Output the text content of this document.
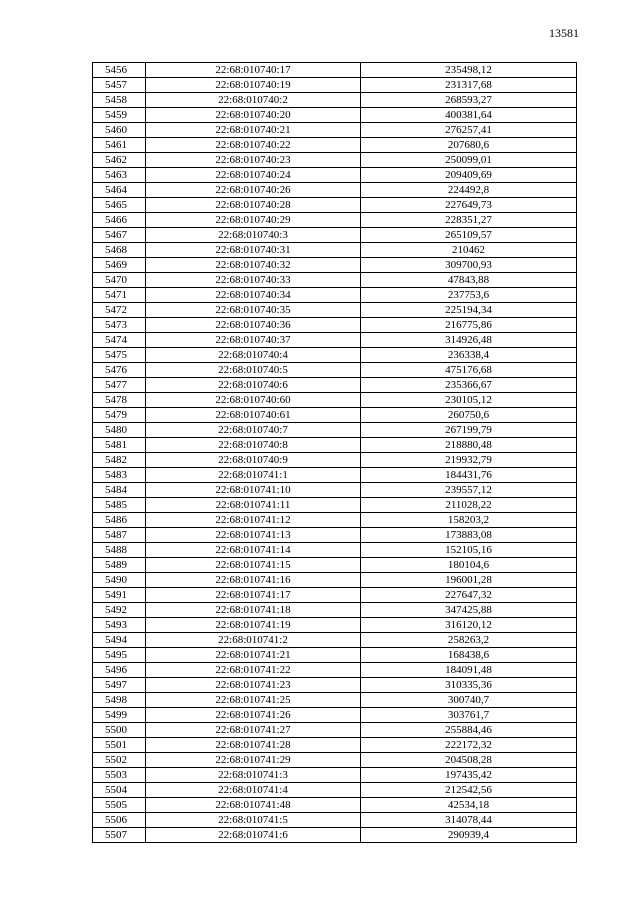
13581
5456	22:68:010740:17	235498,12
5457	22:68:010740:19	231317,68
5458	22:68:010740:2	268593,27
5459	22:68:010740:20	400381,64
5460	22:68:010740:21	276257,41
5461	22:68:010740:22	207680,6
5462	22:68:010740:23	250099,01
5463	22:68:010740:24	209409,69
5464	22:68:010740:26	224492,8
5465	22:68:010740:28	227649,73
5466	22:68:010740:29	228351,27
5467	22:68:010740:3	265109,57
5468	22:68:010740:31	210462
5469	22:68:010740:32	309700,93
5470	22:68:010740:33	47843,88
5471	22:68:010740:34	237753,6
5472	22:68:010740:35	225194,34
5473	22:68:010740:36	216775,86
5474	22:68:010740:37	314926,48
5475	22:68:010740:4	236338,4
5476	22:68:010740:5	475176,68
5477	22:68:010740:6	235366,67
5478	22:68:010740:60	230105,12
5479	22:68:010740:61	260750,6
5480	22:68:010740:7	267199,79
5481	22:68:010740:8	218880,48
5482	22:68:010740:9	219932,79
5483	22:68:010741:1	184431,76
5484	22:68:010741:10	239557,12
5485	22:68:010741:11	211028,22
5486	22:68:010741:12	158203,2
5487	22:68:010741:13	173883,08
5488	22:68:010741:14	152105,16
5489	22:68:010741:15	180104,6
5490	22:68:010741:16	196001,28
5491	22:68:010741:17	227647,32
5492	22:68:010741:18	347425,88
5493	22:68:010741:19	316120,12
5494	22:68:010741:2	258263,2
5495	22:68:010741:21	168438,6
5496	22:68:010741:22	184091,48
5497	22:68:010741:23	310335,36
5498	22:68:010741:25	300740,7
5499	22:68:010741:26	303761,7
5500	22:68:010741:27	255884,46
5501	22:68:010741:28	222172,32
5502	22:68:010741:29	204508,28
5503	22:68:010741:3	197435,42
5504	22:68:010741:4	212542,56
5505	22:68:010741:48	42534,18
5506	22:68:010741:5	314078,44
5507	22:68:010741:6	290939,4
